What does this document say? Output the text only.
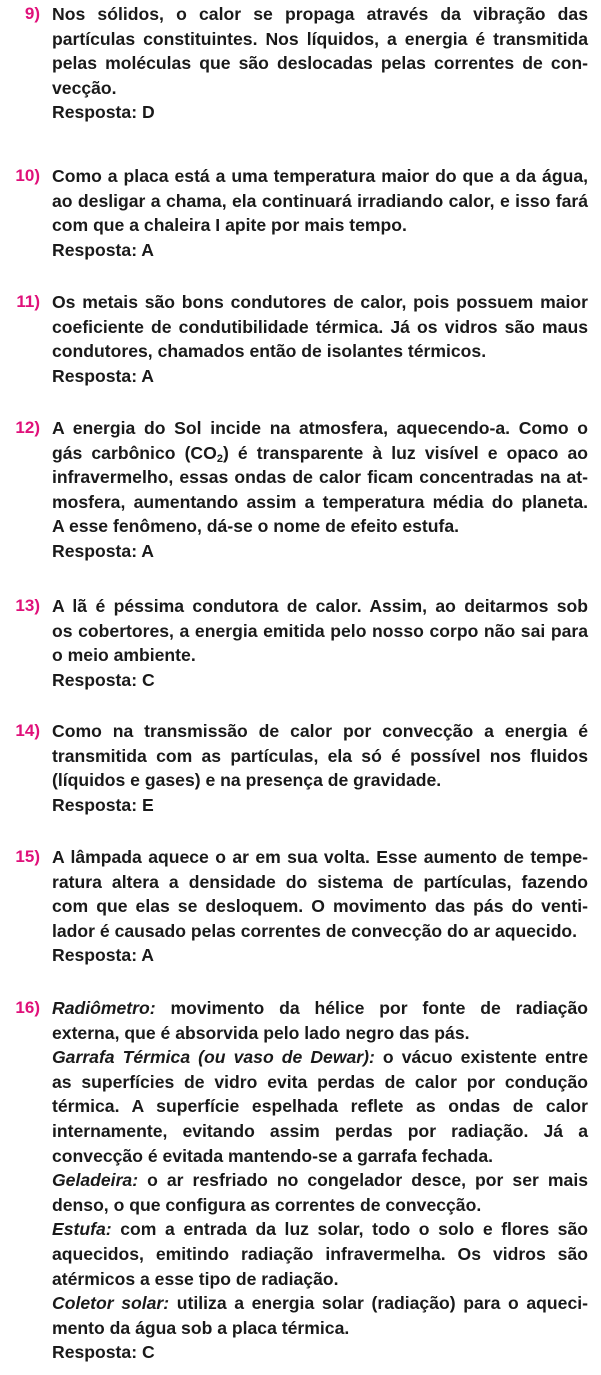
9) Nos sólidos, o calor se propaga através da vibração das
partículas constituintes. Nos líquidos, a energia é transmitida
pelas moléculas que são deslocadas pelas correntes de con-
vecção.
Resposta: D
10) Como a placa está a uma temperatura maior do que a da água,
ao desligar a chama, ela continuará irradiando calor, e isso fará
com que a chaleira I apite por mais tempo.
Resposta: A
11) Os metais são bons condutores de calor, pois possuem maior
coeficiente de condutibilidade térmica. Já os vidros são maus
condutores, chamados então de isolantes térmicos.
Resposta: A
12) A energia do Sol incide na atmosfera, aquecendo-a. Como o
gás carbônico $(CO_2)$ é transparente à luz visível e opaco ao
infravermelho, essas ondas de calor ficam concentradas na at-
mosfera, aumentando assim a temperatura média do planeta.
A esse fenômeno, dá-se o nome de efeito estufa.
Resposta: A
13) A lã é péssima condutora de calor. Assim, ao deitarmos sob
os cobertores, a energia emitida pelo nosso corpo não sai para
o meio ambiente.
Resposta: C
14) Como na transmissão de calor por convecção a energia é
transmitida com as partículas, ela só é possível nos fluidos
(líquidos e gases) e na presença de gravidade.
Resposta: E
15) A lâmpada aquece o ar em sua volta. Esse aumento de tempe-
ratura altera a densidade do sistema de partículas, fazendo
com que elas se desloquem. O movimento das pás do venti-
lador é causado pelas correntes de convecção do ar aquecido.
Resposta: A
16) Radiômetro: movimento da hélice por fonte de radiação
externa, que é absorvida pelo lado negro das pás.
Garrafa Térmica (ou vaso de Dewar): o vácuo existente entre
as superfícies de vidro evita perdas de calor por condução
térmica. A superfície espelhada reflete as ondas de calor
internamente, evitando assim perdas por radiação. Já a
convecção é evitada mantendo-se a garrafa fechada.
Geladeira: o ar resfriado no congelador desce, por ser mais
denso, o que configura as correntes de convecção.
Estufa: com a entrada da luz solar, todo o solo e flores são
aquecidos, emitindo radiação infravermelha. Os vidros são
atérmicos a esse tipo de radiação.
Coletor solar: utiliza a energia solar (radiação) para o aqueci-
mento da água sob a placa térmica.
Resposta: C
